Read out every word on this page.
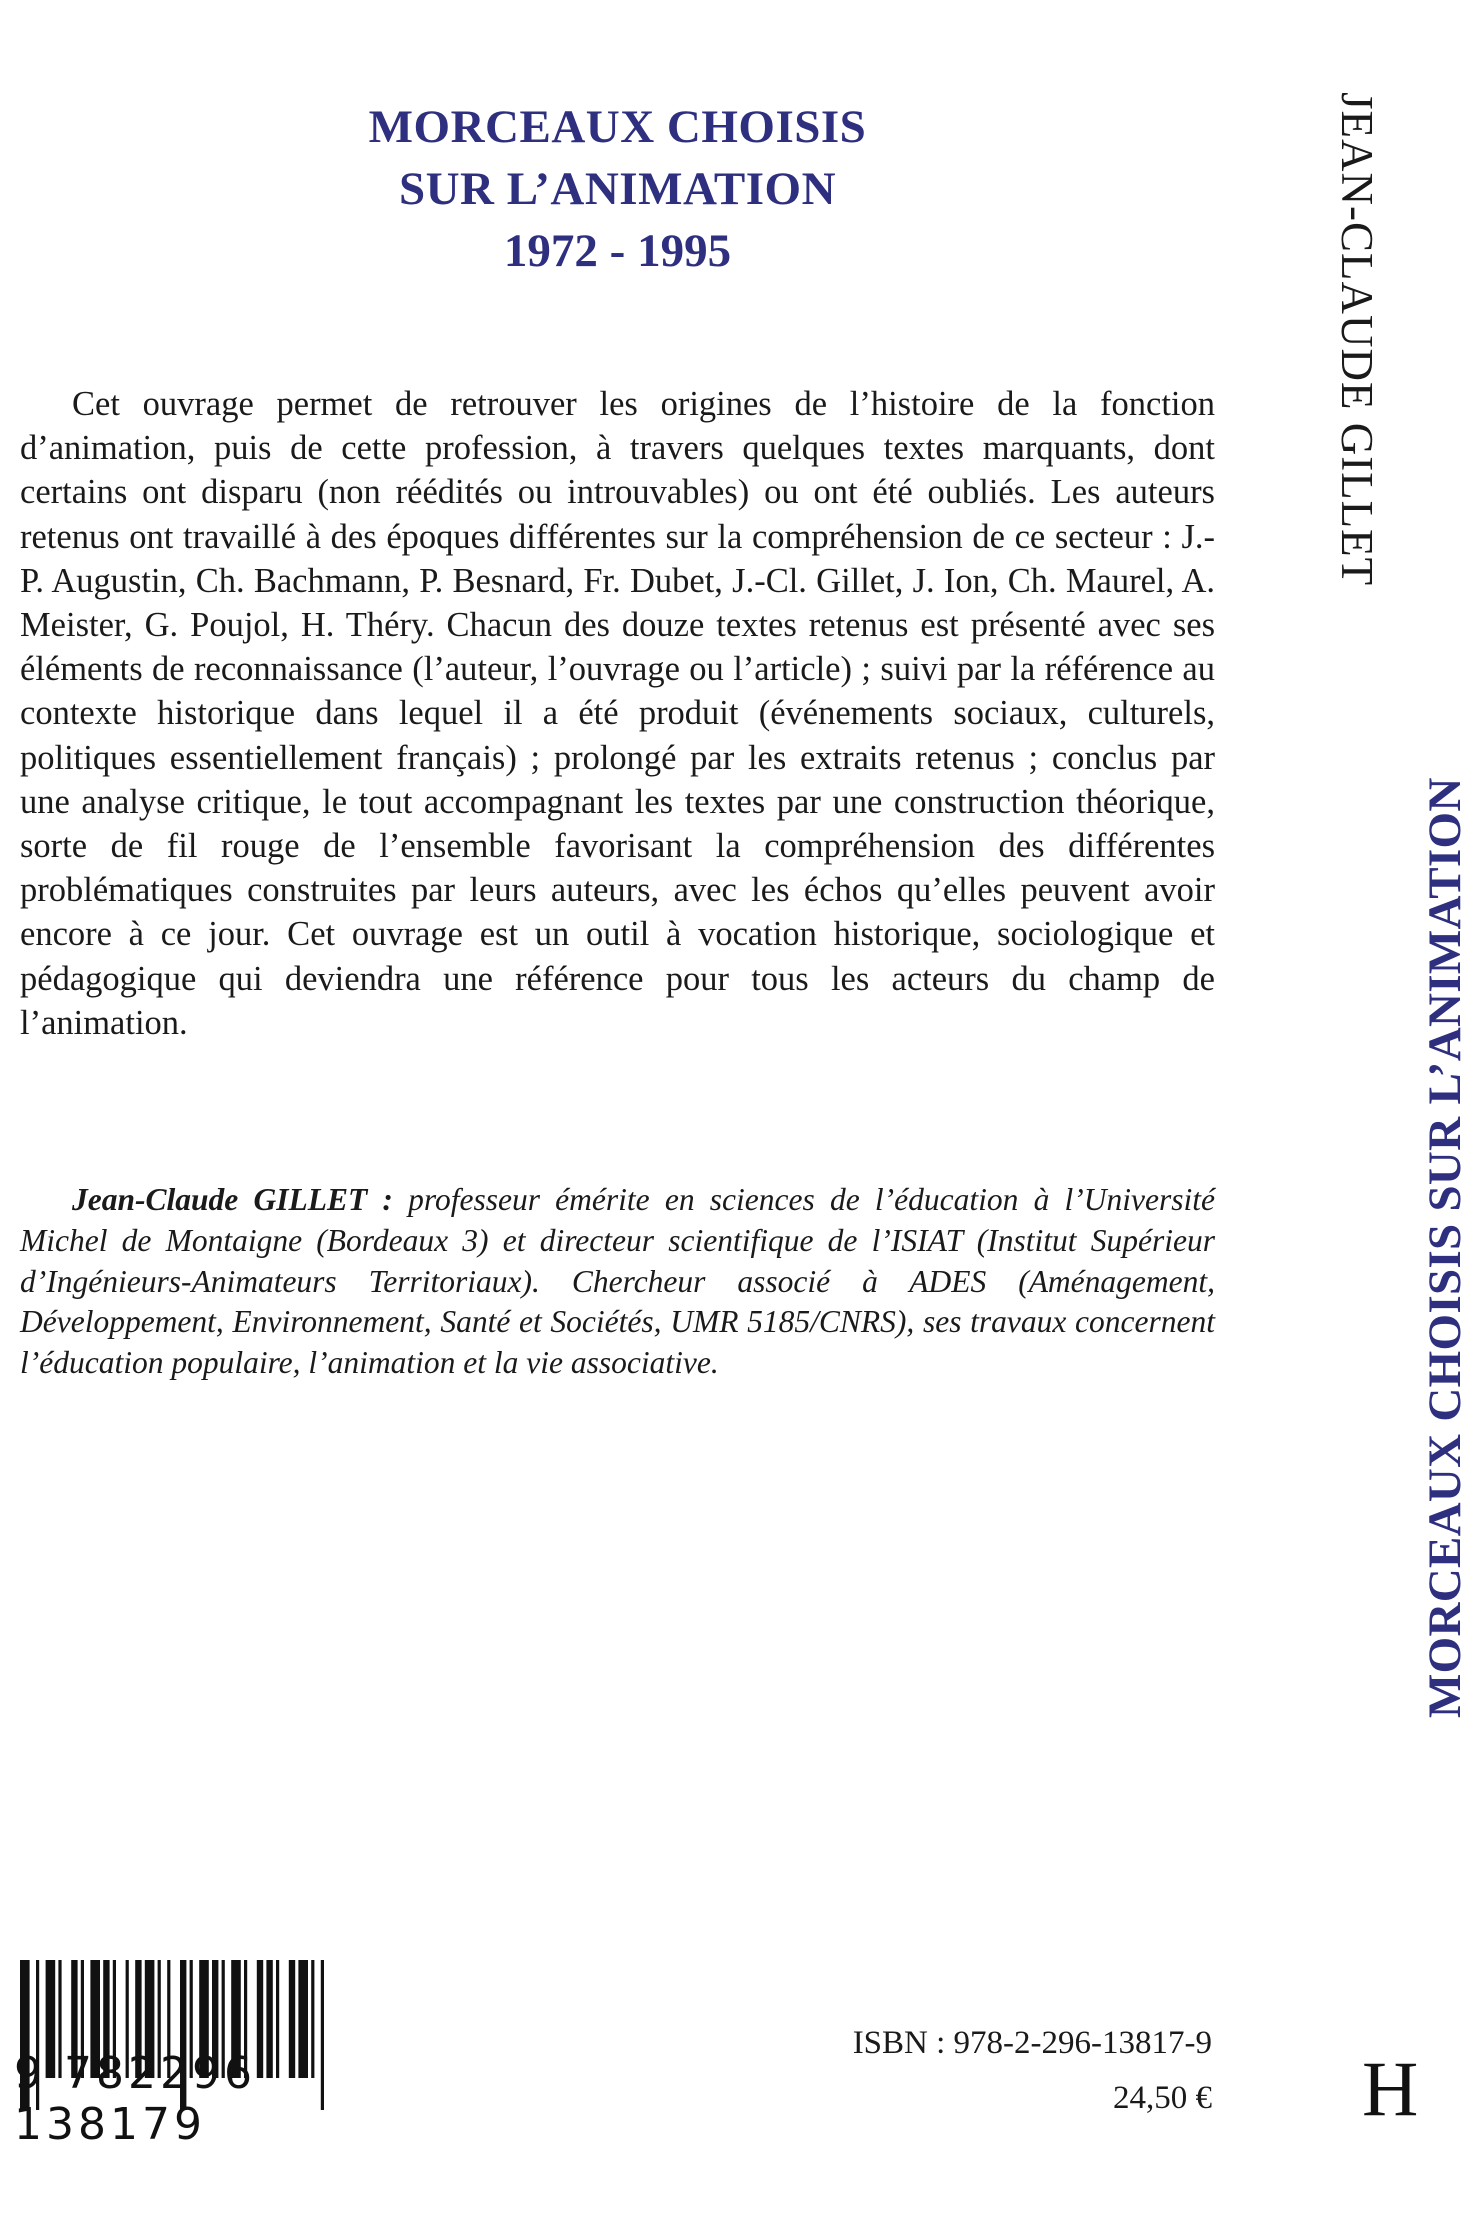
MORCEAUX CHOISIS
SUR L’ANIMATION
1972 - 1995

Cet ouvrage permet de retrouver les origines de l’histoire de la fonction d’animation, puis de cette profession, à travers quelques textes marquants, dont certains ont disparu (non réédités ou introuvables) ou ont été oubliés. Les auteurs retenus ont travaillé à des époques différentes sur la compréhension de ce secteur : J.-P. Augustin, Ch. Bachmann, P. Besnard, Fr. Dubet, J.-Cl. Gillet, J. Ion, Ch. Maurel, A. Meister, G. Poujol, H. Théry. Chacun des douze textes retenus est présenté avec ses éléments de reconnaissance (l’auteur, l’ouvrage ou l’article) ; suivi par la référence au contexte historique dans lequel il a été produit (événements sociaux, culturels, politiques essentiellement français) ; prolongé par les extraits retenus ; conclus par une analyse critique, le tout accompagnant les textes par une construction théorique, sorte de fil rouge de l’ensemble favorisant la compréhension des différentes problématiques construites par leurs auteurs, avec les échos qu’elles peuvent avoir encore à ce jour. Cet ouvrage est un outil à vocation historique, sociologique et pédagogique qui deviendra une référence pour tous les acteurs du champ de l’animation.

Jean-Claude GILLET : professeur émérite en sciences de l’éducation à l’Université Michel de Montaigne (Bordeaux 3) et directeur scientifique de l’ISIAT (Institut Supérieur d’Ingénieurs-Animateurs Territoriaux). Chercheur associé à ADES (Aménagement, Développement, Environnement, Santé et Sociétés, UMR 5185/CNRS), ses travaux concernent l’éducation populaire, l’animation et la vie associative.

9 782296 138179
ISBN : 978-2-296-13817-9
24,50 €
MORCEAUX CHOISIS SUR L’ANIMATION
JEAN-CLAUDE GILLET
H
